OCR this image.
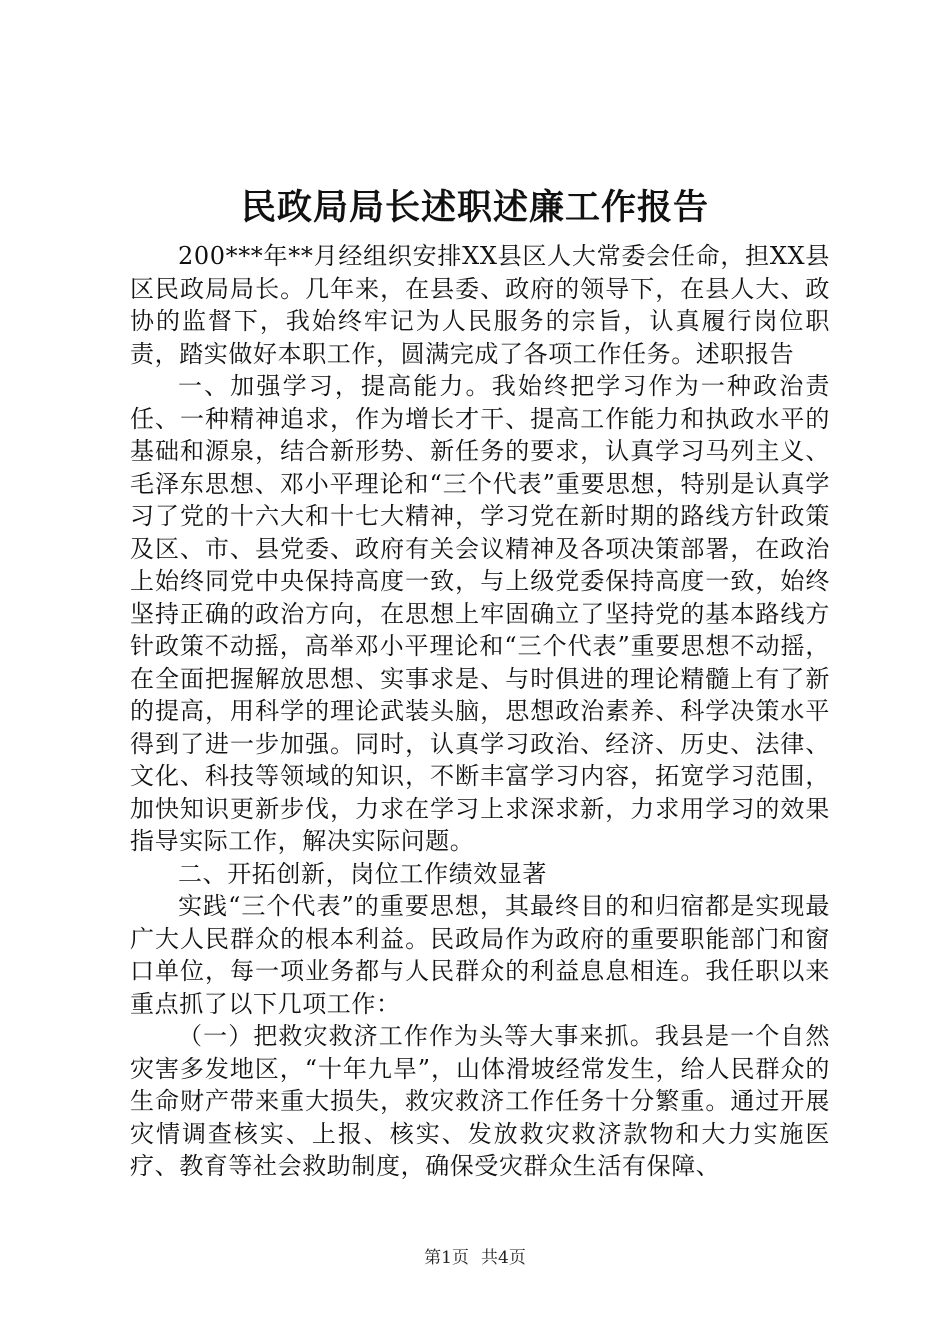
民政局局长述职述廉工作报告

200***年**月经组织安排XX县区人大常委会任命，担XX县区民政局局长。几年来，在县委、政府的领导下，在县人大、政协的监督下，我始终牢记为人民服务的宗旨，认真履行岗位职责，踏实做好本职工作，圆满完成了各项工作任务。述职报告

一、加强学习，提高能力。我始终把学习作为一种政治责任、一种精神追求，作为增长才干、提高工作能力和执政水平的基础和源泉，结合新形势、新任务的要求，认真学习马列主义、毛泽东思想、邓小平理论和“三个代表”重要思想，特别是认真学习了党的十六大和十七大精神，学习党在新时期的路线方针政策及区、市、县党委、政府有关会议精神及各项决策部署，在政治上始终同党中央保持高度一致，与上级党委保持高度一致，始终坚持正确的政治方向，在思想上牢固确立了坚持党的基本路线方针政策不动摇，高举邓小平理论和“三个代表”重要思想不动摇，在全面把握解放思想、实事求是、与时俱进的理论精髓上有了新的提高，用科学的理论武装头脑，思想政治素养、科学决策水平得到了进一步加强。同时，认真学习政治、经济、历史、法律、文化、科技等领域的知识，不断丰富学习内容，拓宽学习范围，加快知识更新步伐，力求在学习上求深求新，力求用学习的效果指导实际工作，解决实际问题。

二、开拓创新，岗位工作绩效显著

实践“三个代表”的重要思想，其最终目的和归宿都是实现最广大人民群众的根本利益。民政局作为政府的重要职能部门和窗口单位，每一项业务都与人民群众的利益息息相连。我任职以来重点抓了以下几项工作：

（一）把救灾救济工作作为头等大事来抓。我县是一个自然灾害多发地区，“十年九旱”，山体滑坡经常发生，给人民群众的生命财产带来重大损失，救灾救济工作任务十分繁重。通过开展灾情调查核实、上报、核实、发放救灾救济款物和大力实施医疗、教育等社会救助制度，确保受灾群众生活有保障、

第1页 共4页
